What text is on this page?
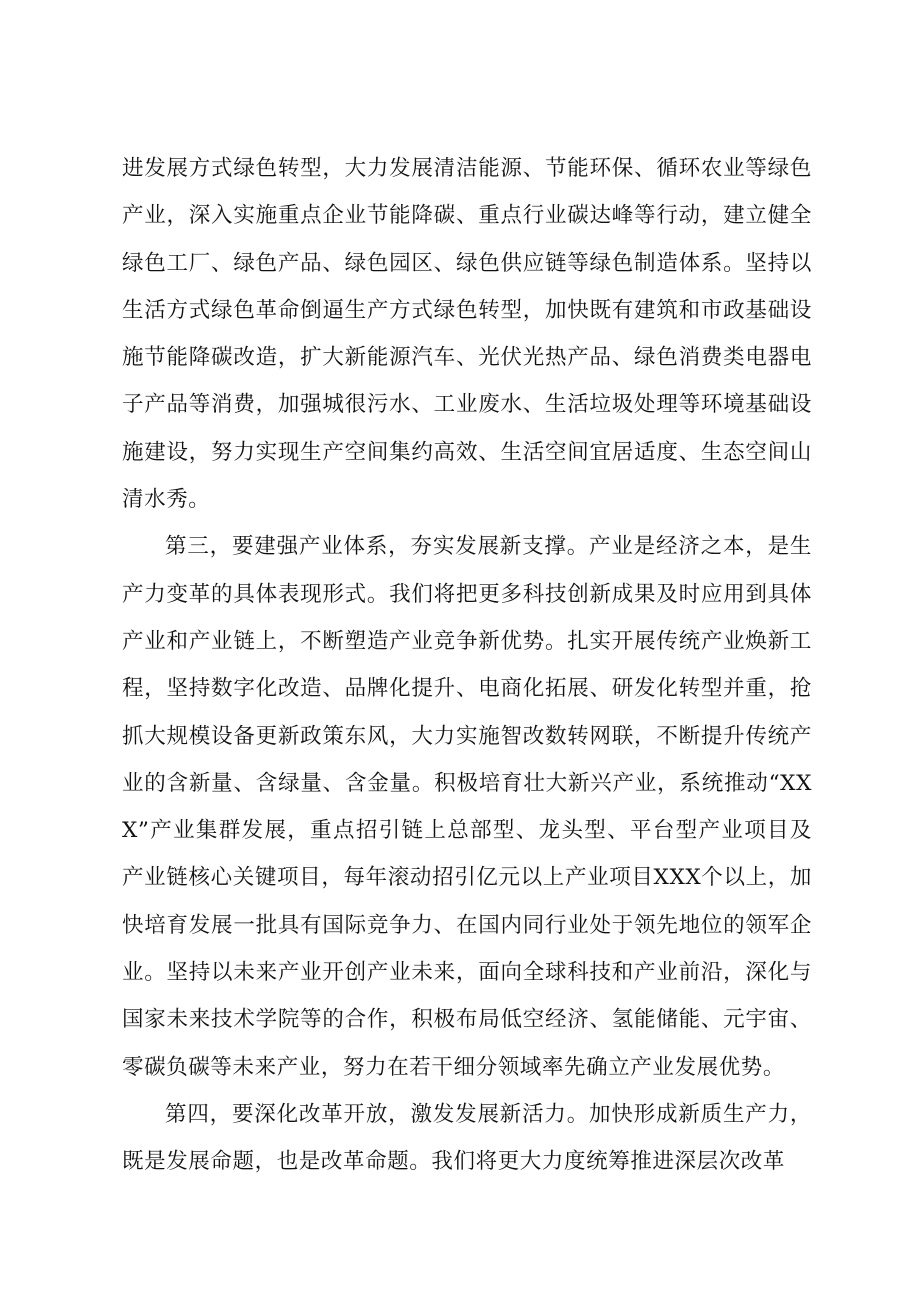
进发展方式绿色转型，大力发展清洁能源、节能环保、循环农业等绿色产业，深入实施重点企业节能降碳、重点行业碳达峰等行动，建立健全绿色工厂、绿色产品、绿色园区、绿色供应链等绿色制造体系。坚持以生活方式绿色革命倒逼生产方式绿色转型，加快既有建筑和市政基础设施节能降碳改造，扩大新能源汽车、光伏光热产品、绿色消费类电器电子产品等消费，加强城很污水、工业废水、生活垃圾处理等环境基础设施建设，努力实现生产空间集约高效、生活空间宜居适度、生态空间山清水秀。

第三，要建强产业体系，夯实发展新支撑。产业是经济之本，是生产力变革的具体表现形式。我们将把更多科技创新成果及时应用到具体产业和产业链上，不断塑造产业竞争新优势。扎实开展传统产业焕新工程，坚持数字化改造、品牌化提升、电商化拓展、研发化转型并重，抢抓大规模设备更新政策东风，大力实施智改数转网联，不断提升传统产业的含新量、含绿量、含金量。积极培育壮大新兴产业，系统推动“XXX”产业集群发展，重点招引链上总部型、龙头型、平台型产业项目及产业链核心关键项目，每年滚动招引亿元以上产业项目XXX个以上，加快培育发展一批具有国际竞争力、在国内同行业处于领先地位的领军企业。坚持以未来产业开创产业未来，面向全球科技和产业前沿，深化与国家未来技术学院等的合作，积极布局低空经济、氢能储能、元宇宙、零碳负碳等未来产业，努力在若干细分领域率先确立产业发展优势。

第四，要深化改革开放，激发发展新活力。加快形成新质生产力，既是发展命题，也是改革命题。我们将更大力度统筹推进深层次改革
